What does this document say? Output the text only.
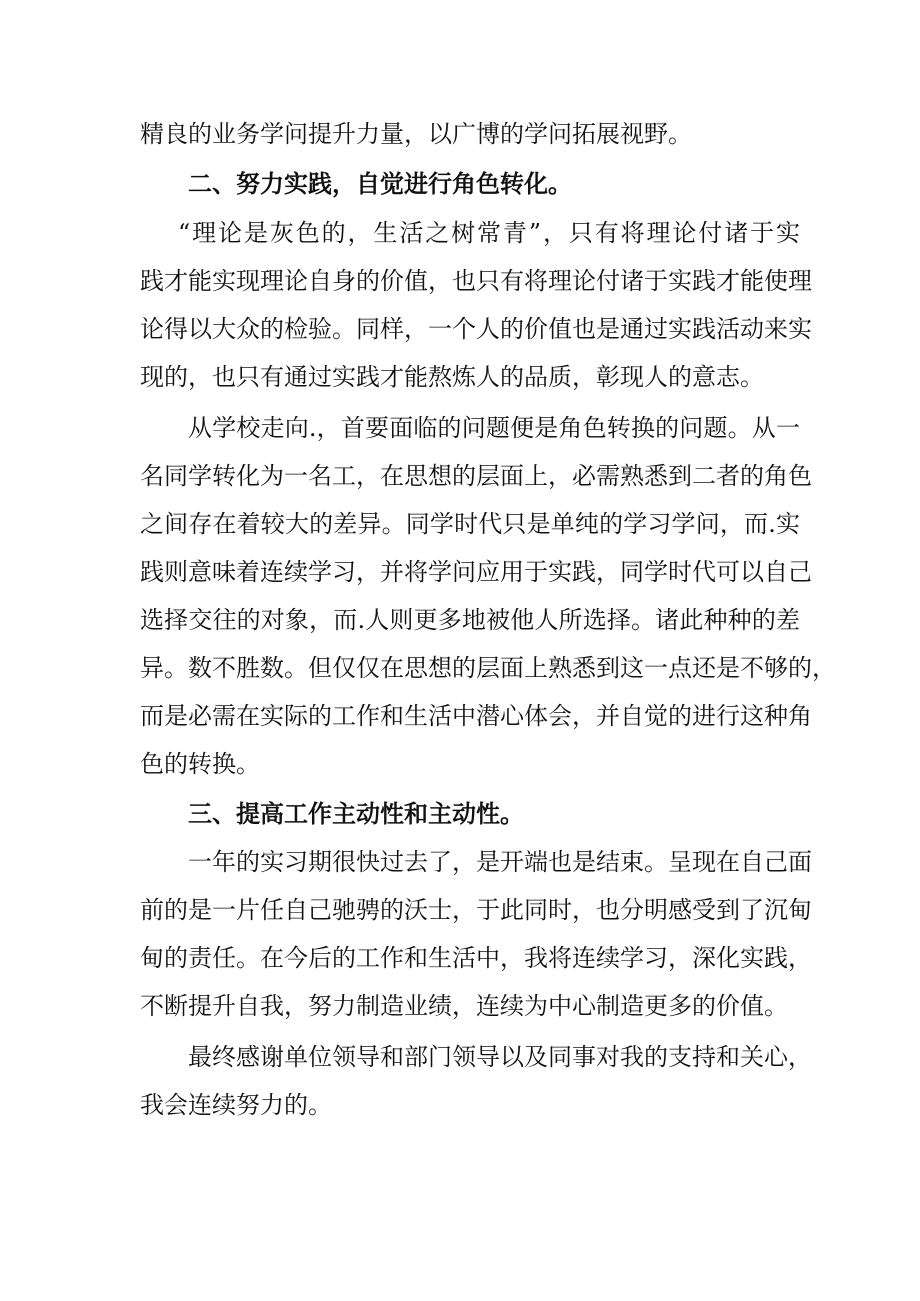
精良的业务学问提升力量，以广博的学问拓展视野。
二、努力实践，自觉进行角色转化。
“理论是灰色的，生活之树常青”，只有将理论付诸于实
践才能实现理论自身的价值，也只有将理论付诸于实践才能使理
论得以大众的检验。同样，一个人的价值也是通过实践活动来实
现的，也只有通过实践才能熬炼人的品质，彰现人的意志。
从学校走向.，首要面临的问题便是角色转换的问题。从一
名同学转化为一名工，在思想的层面上，必需熟悉到二者的角色
之间存在着较大的差异。同学时代只是单纯的学习学问，而.实
践则意味着连续学习，并将学问应用于实践，同学时代可以自己
选择交往的对象，而.人则更多地被他人所选择。诸此种种的差
异。数不胜数。但仅仅在思想的层面上熟悉到这一点还是不够的，
而是必需在实际的工作和生活中潜心体会，并自觉的进行这种角
色的转换。
三、提高工作主动性和主动性。
一年的实习期很快过去了，是开端也是结束。呈现在自己面
前的是一片任自己驰骋的沃士，于此同时，也分明感受到了沉甸
甸的责任。在今后的工作和生活中，我将连续学习，深化实践，
不断提升自我，努力制造业绩，连续为中心制造更多的价值。
最终感谢单位领导和部门领导以及同事对我的支持和关心，
我会连续努力的。
